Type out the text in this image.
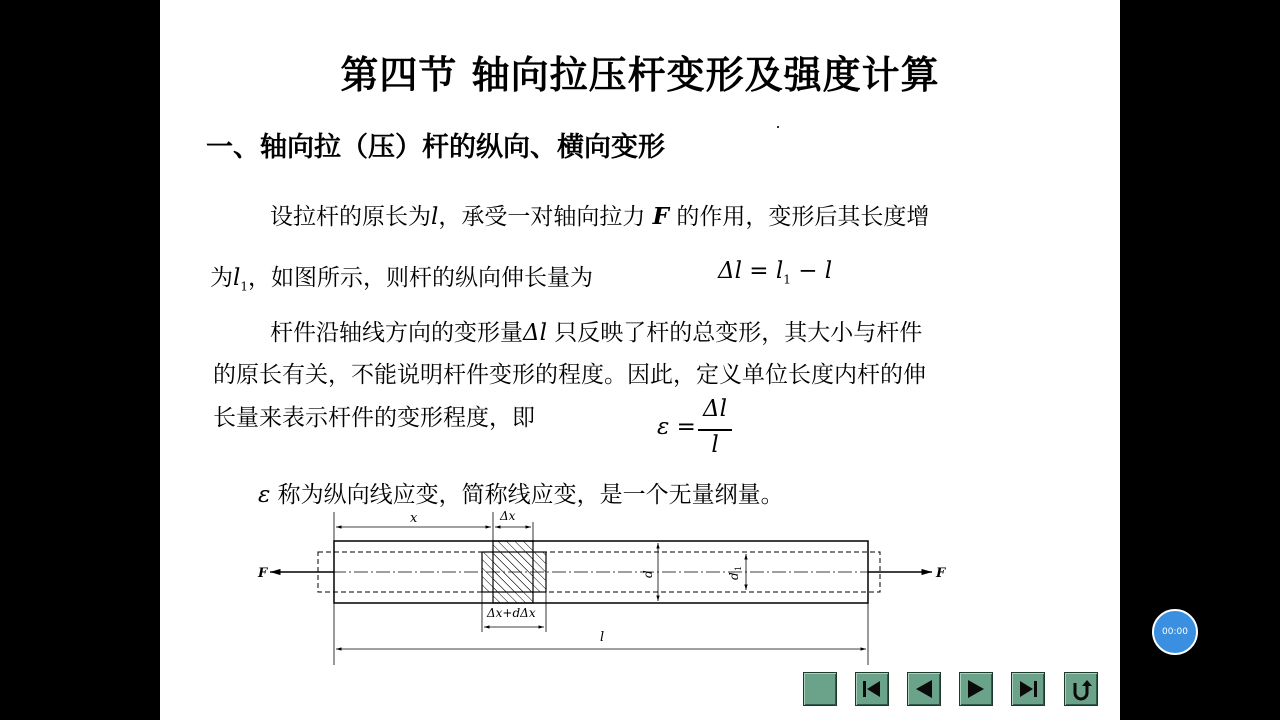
第四节 轴向拉压杆变形及强度计算
一、轴向拉（压）杆的纵向、横向变形
设拉杆的原长为l，承受一对轴向拉力 F 的作用，变形后其长度增
为$l_1$，如图所示，则杆的纵向伸长量为	$\Delta l = l_1 - l$
杆件沿轴线方向的变形量Δl 只反映了杆的总变形，其大小与杆件
的原长有关，不能说明杆件变形的程度。因此，定义单位长度内杆的伸
长量来表示杆件的变形程度，即	ε =
Δl
l
ε 称为纵向线应变，简称线应变，是一个无量纲量。
x	Δx
F	F
d	d
1
Δx+dΔx
l	00:00
